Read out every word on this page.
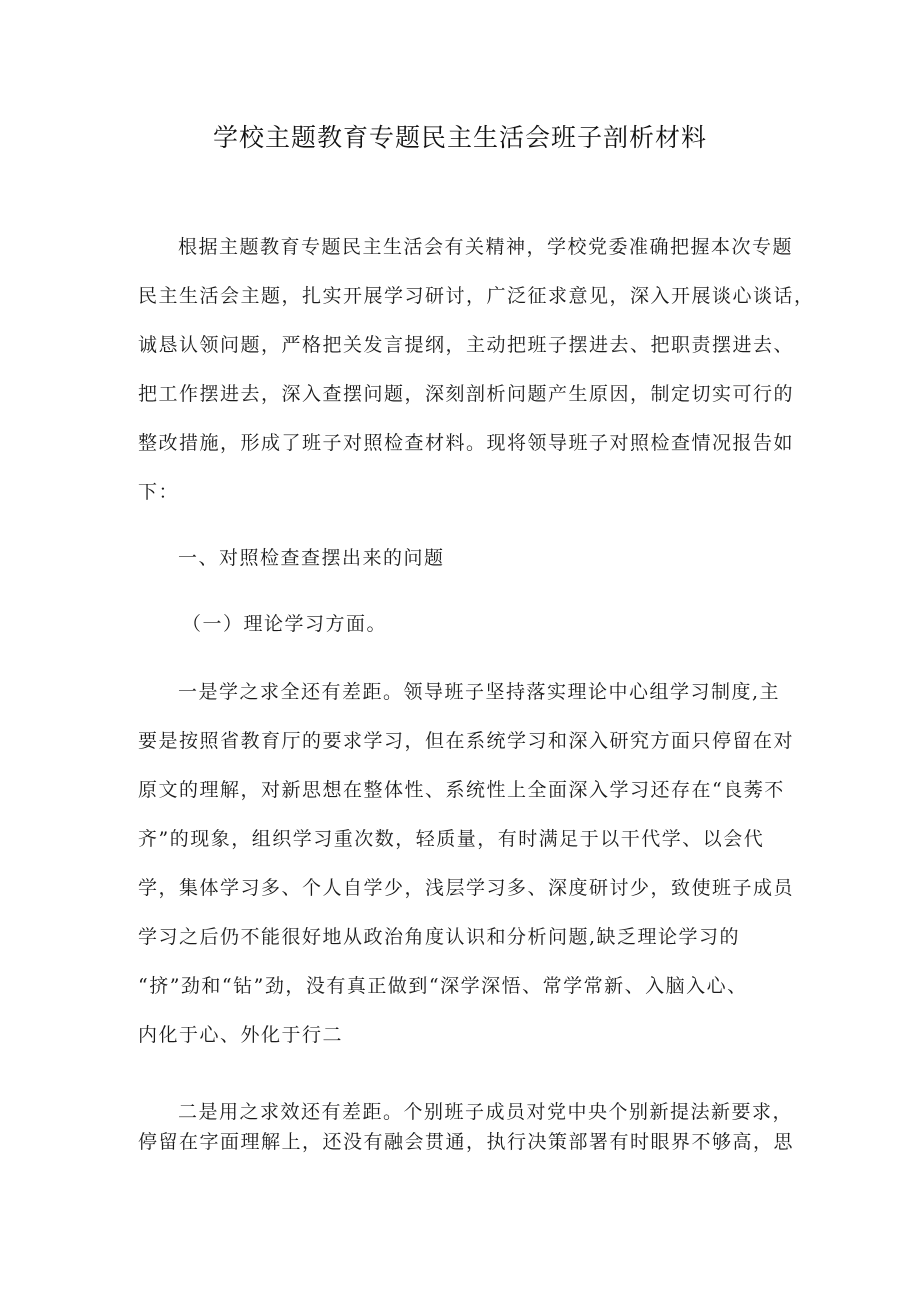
学校主题教育专题民主生活会班子剖析材料
根据主题教育专题民主生活会有关精神，学校党委准确把握本次专题
民主生活会主题，扎实开展学习研讨，广泛征求意见，深入开展谈心谈话，
诚恳认领问题，严格把关发言提纲，主动把班子摆进去、把职责摆进去、
把工作摆进去，深入查摆问题，深刻剖析问题产生原因，制定切实可行的
整改措施，形成了班子对照检查材料。现将领导班子对照检查情况报告如
下：
一、对照检查查摆出来的问题
（一）理论学习方面。
一是学之求全还有差距。领导班子坚持落实理论中心组学习制度,主
要是按照省教育厅的要求学习，但在系统学习和深入研究方面只停留在对
原文的理解，对新思想在整体性、系统性上全面深入学习还存在“良莠不
齐”的现象，组织学习重次数，轻质量，有时满足于以干代学、以会代
学，集体学习多、个人自学少，浅层学习多、深度研讨少，致使班子成员
学习之后仍不能很好地从政治角度认识和分析问题,缺乏理论学习的
“挤”劲和“钻”劲，没有真正做到“深学深悟、常学常新、入脑入心、
内化于心、外化于行二
二是用之求效还有差距。个别班子成员对党中央个别新提法新要求，
停留在字面理解上，还没有融会贯通，执行决策部署有时眼界不够高，思
